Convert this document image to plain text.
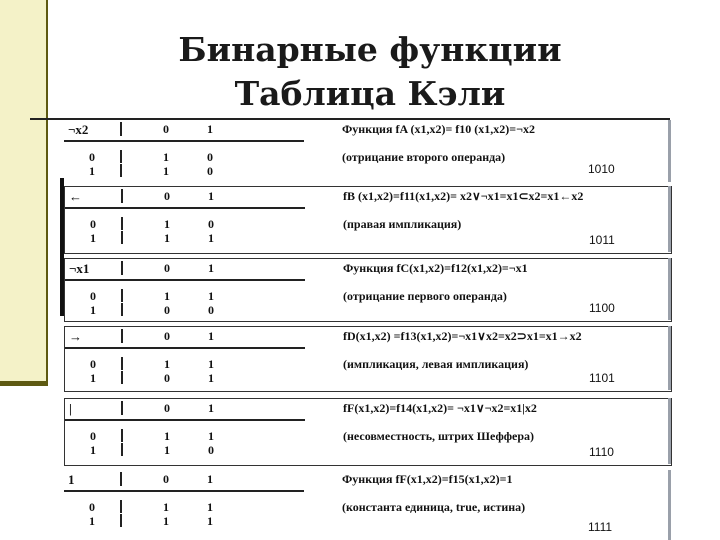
Бинарные функции
Таблица Кэли
¬x2	0	1
0	1	0
1	1	0
Функция fA (x1,x2)= f10 (x1,x2)=¬x2
(отрицание второго операнда)
1010
←	0	1
0	1	0
1	1	1
fB (x1,x2)=f11(x1,x2)= x2∨¬x1=x1⊂x2=x1←x2
(правая импликация)
1011
¬x1	0	1
0	1	1
1	0	0
Функция fC(x1,x2)=f12(x1,x2)=¬x1
(отрицание первого операнда)
1100
→	0	1
0	1	1
1	0	1
fD(x1,x2) =f13(x1,x2)=¬x1∨x2=x2⊃x1=x1→x2
(импликация, левая импликация)
1101
|	0	1
0	1	1
1	1	0
fF(x1,x2)=f14(x1,x2)= ¬x1∨¬x2=x1|x2
(несовместность, штрих Шеффера)
1110
1	0	1
0	1	1
1	1	1
Функция fF(x1,x2)=f15(x1,x2)=1
(константа единица, true, истина)
1111
